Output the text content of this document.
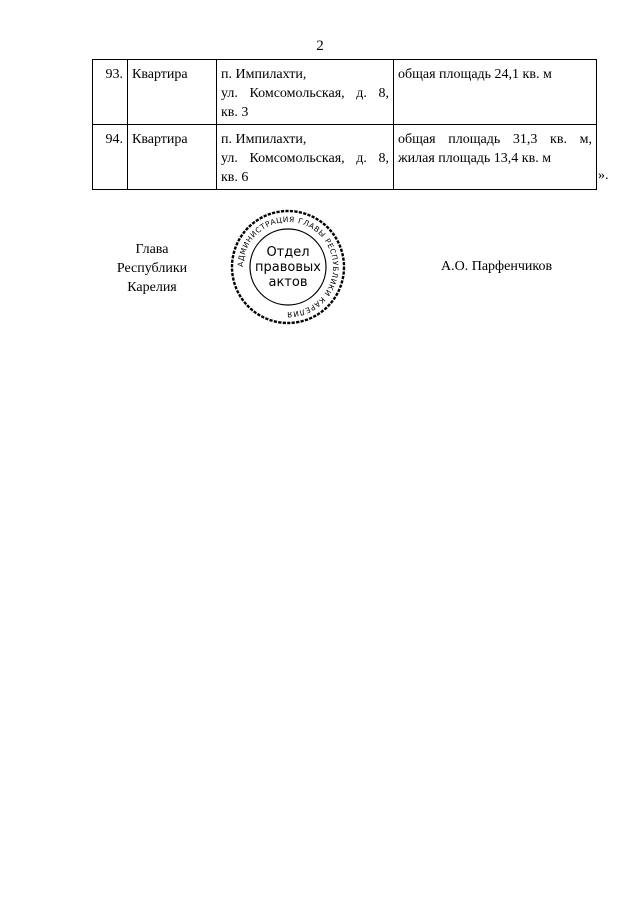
2
93.	Квартира	п. Импилахти,

ул. Комсомольская, д. 8,
кв. 3	общая площадь 24,1 кв. м
94.	Квартира	п. Импилахти,

ул. Комсомольская, д. 8,
кв. 6	общая площадь 31,3 кв. м,
жилая площадь 13,4 кв. м
».
Глава
Республики Карелия
АДМИНИСТРАЦИЯ ГЛАВЫ РЕСПУБЛИКИ КАРЕЛИЯ
Отдел
правовых
актов
А.О. Парфенчиков
